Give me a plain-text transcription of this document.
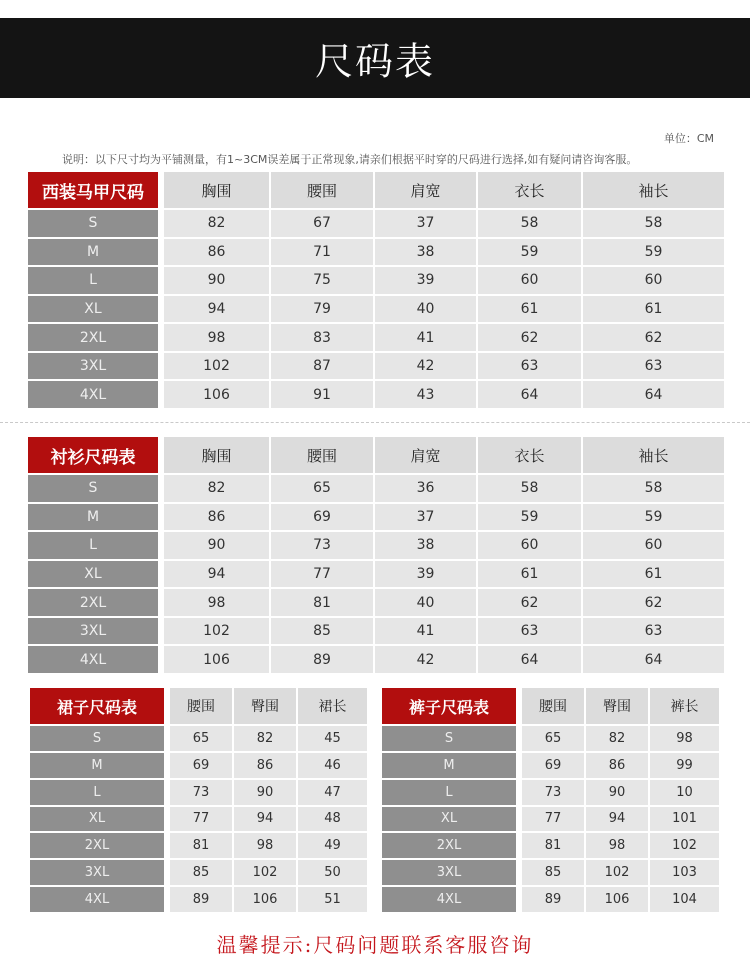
尺码表
单位：CM
说明：以下尺寸均为平铺测量，有1~3CM误差属于正常现象,请亲们根据平时穿的尺码进行选择,如有疑问请咨询客服。
西装马甲尺码	胸围	腰围	肩宽	衣长	袖长
S	82	67	37	58	58
M	86	71	38	59	59
L	90	75	39	60	60
XL	94	79	40	61	61
2XL	98	83	41	62	62
3XL	102	87	42	63	63
4XL	106	91	43	64	64
衬衫尺码表	胸围	腰围	肩宽	衣长	袖长
S	82	65	36	58	58
M	86	69	37	59	59
L	90	73	38	60	60
XL	94	77	39	61	61
2XL	98	81	40	62	62
3XL	102	85	41	63	63
4XL	106	89	42	64	64
裙子尺码表	腰围	臀围	裙长
S	65	82	45
M	69	86	46
L	73	90	47
XL	77	94	48
2XL	81	98	49
3XL	85	102	50
4XL	89	106	51
裤子尺码表	腰围	臀围	裤长
S	65	82	98
M	69	86	99
L	73	90	10
XL	77	94	101
2XL	81	98	102
3XL	85	102	103
4XL	89	106	104
温馨提示:尺码问题联系客服咨询
